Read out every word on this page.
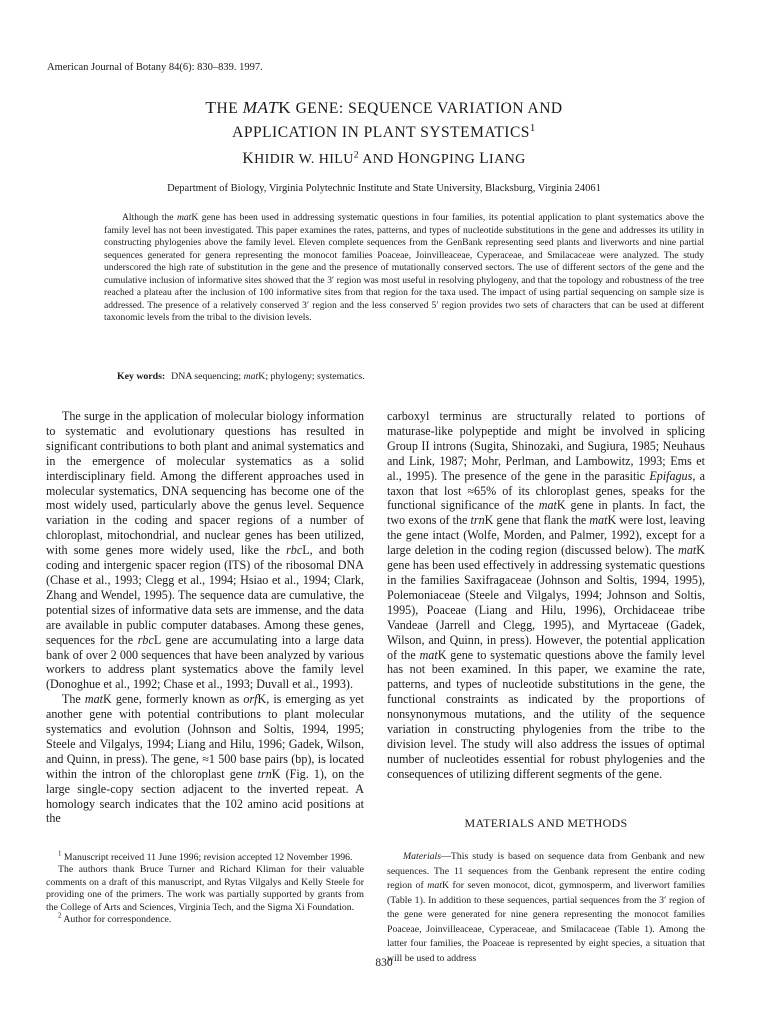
American Journal of Botany 84(6): 830–839. 1997.
THE MATK GENE: SEQUENCE VARIATION AND
APPLICATION IN PLANT SYSTEMATICS$^1$
KHIDIR W. HILU$^2$ AND HONGPING LIANG
Department of Biology, Virginia Polytechnic Institute and State University, Blacksburg, Virginia 24061

Although the matK gene has been used in addressing systematic questions in four families, its potential application to plant systematics above the family level has not been investigated. This paper examines the rates, patterns, and types of nucleotide substitutions in the gene and addresses its utility in constructing phylogenies above the family level. Eleven complete sequences from the GenBank representing seed plants and liverworts and nine partial sequences generated for genera representing the monocot families Poaceae, Joinvilleaceae, Cyperaceae, and Smilacaceae were analyzed. The study underscored the high rate of substitution in the gene and the presence of mutationally conserved sectors. The use of different sectors of the gene and the cumulative inclusion of informative sites showed that the 3′ region was most useful in resolving phylogeny, and that the topology and robustness of the tree reached a plateau after the inclusion of 100 informative sites from that region for the taxa used. The impact of using partial sequencing on sample size is addressed. The presence of a relatively conserved 3′ region and the less conserved 5′ region provides two sets of characters that can be used at different taxonomic levels from the tribal to the division levels.

Key words: DNA sequencing; matK; phylogeny; systematics.

The surge in the application of molecular biology information to systematic and evolutionary questions has resulted in significant contributions to both plant and animal systematics and in the emergence of molecular systematics as a solid interdisciplinary field. Among the different approaches used in molecular systematics, DNA sequencing has become one of the most widely used, particularly above the genus level. Sequence variation in the coding and spacer regions of a number of chloroplast, mitochondrial, and nuclear genes has been utilized, with some genes more widely used, like the rbcL, and both coding and intergenic spacer region (ITS) of the ribosomal DNA (Chase et al., 1993; Clegg et al., 1994; Hsiao et al., 1994; Clark, Zhang and Wendel, 1995). The sequence data are cumulative, the potential sizes of informative data sets are immense, and the data are available in public computer databases. Among these genes, sequences for the rbcL gene are accumulating into a large data bank of over 2 000 sequences that have been analyzed by various workers to address plant systematics above the family level (Donoghue et al., 1992; Chase et al., 1993; Duvall et al., 1993).

The matK gene, formerly known as orfK, is emerging as yet another gene with potential contributions to plant molecular systematics and evolution (Johnson and Soltis, 1994, 1995; Steele and Vilgalys, 1994; Liang and Hilu, 1996; Gadek, Wilson, and Quinn, in press). The gene, ≈1 500 base pairs (bp), is located within the intron of the chloroplast gene trnK (Fig. 1), on the large single-copy section adjacent to the inverted repeat. A homology search indicates that the 102 amino acid positions at the

carboxyl terminus are structurally related to portions of maturase-like polypeptide and might be involved in splicing Group II introns (Sugita, Shinozaki, and Sugiura, 1985; Neuhaus and Link, 1987; Mohr, Perlman, and Lambowitz, 1993; Ems et al., 1995). The presence of the gene in the parasitic Epifagus, a taxon that lost ≈65% of its chloroplast genes, speaks for the functional significance of the matK gene in plants. In fact, the two exons of the trnK gene that flank the matK were lost, leaving the gene intact (Wolfe, Morden, and Palmer, 1992), except for a large deletion in the coding region (discussed below). The matK gene has been used effectively in addressing systematic questions in the families Saxifragaceae (Johnson and Soltis, 1994, 1995), Polemoniaceae (Steele and Vilgalys, 1994; Johnson and Soltis, 1995), Poaceae (Liang and Hilu, 1996), Orchidaceae tribe Vandeae (Jarrell and Clegg, 1995), and Myrtaceae (Gadek, Wilson, and Quinn, in press). However, the potential application of the matK gene to systematic questions above the family level has not been examined. In this paper, we examine the rate, patterns, and types of nucleotide substitutions in the gene, the functional constraints as indicated by the proportions of nonsynonymous mutations, and the utility of the sequence variation in constructing phylogenies from the tribe to the division level. The study will also address the issues of optimal number of nucleotides essential for robust phylogenies and the consequences of utilizing different segments of the gene.

MATERIALS AND METHODS

Materials—This study is based on sequence data from Genbank and new sequences. The 11 sequences from the Genbank represent the entire coding region of matK for seven monocot, dicot, gymnosperm, and liverwort families (Table 1). In addition to these sequences, partial sequences from the 3′ region of the gene were generated for nine genera representing the monocot families Poaceae, Joinvilleaceae, Cyperaceae, and Smilacaceae (Table 1). Among the latter four families, the Poaceae is represented by eight species, a situation that will be used to address

$^1$ Manuscript received 11 June 1996; revision accepted 12 November 1996.

The authors thank Bruce Turner and Richard Kliman for their valuable comments on a draft of this manuscript, and Rytas Vilgalys and Kelly Steele for providing one of the primers. The work was partially supported by grants from the College of Arts and Sciences, Virginia Tech, and the Sigma Xi Foundation.

$^2$ Author for correspondence.

830
